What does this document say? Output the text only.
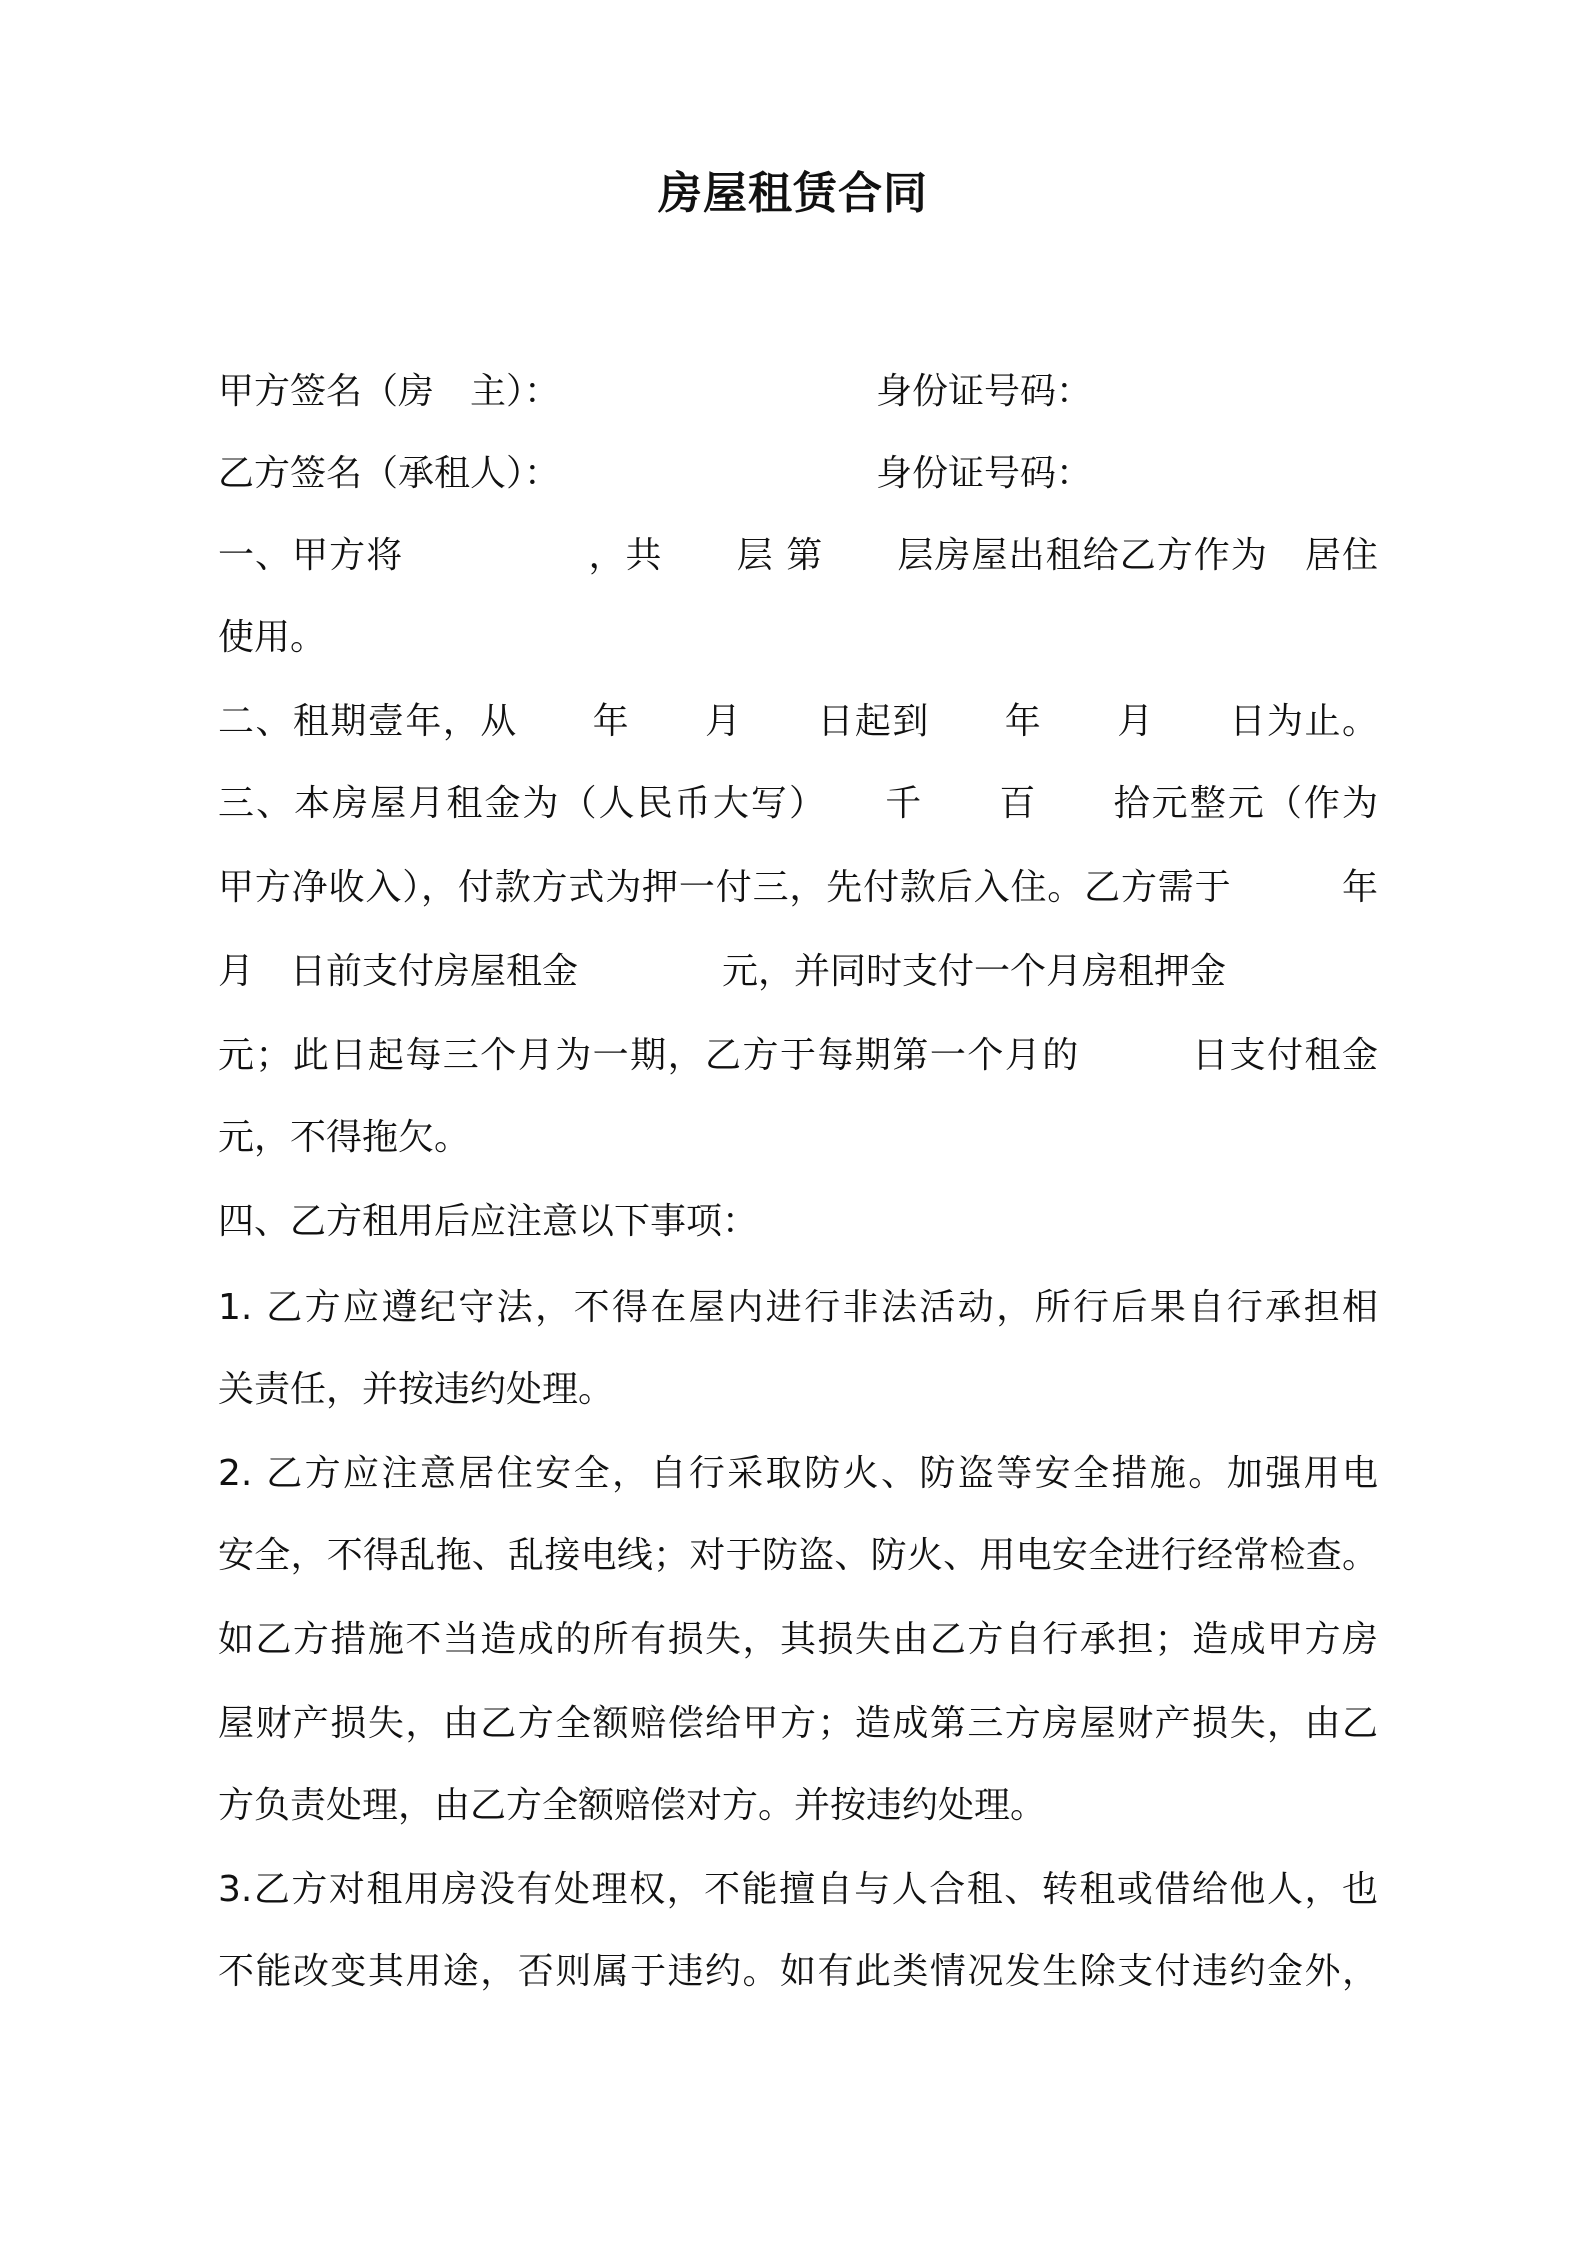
房屋租赁合同
甲方签名（房　主）：	身份证号码：
乙方签名（承租人）：	身份证号码：
一、甲方将　　　　　，共　　层 第　　层房屋出租给乙方作为　居住
使用。
二、租期壹年，从　　年　　月　　日起到　　年　　月　　日为止。
三、本房屋月租金为（人民币大写）　　千　　百　　拾元整元（作为
甲方净收入），付款方式为押一付三，先付款后入住。乙方需于　　　年
月　日前支付房屋租金　　　　元，并同时支付一个月房租押金
元；此日起每三个月为一期，乙方于每期第一个月的　　　日支付租金
元，不得拖欠。
四、乙方租用后应注意以下事项：
1. 乙方应遵纪守法，不得在屋内进行非法活动，所行后果自行承担相
关责任，并按违约处理。
2. 乙方应注意居住安全，自行采取防火、防盗等安全措施。加强用电
安全，不得乱拖、乱接电线；对于防盗、防火、用电安全进行经常检查。
如乙方措施不当造成的所有损失，其损失由乙方自行承担；造成甲方房
屋财产损失，由乙方全额赔偿给甲方；造成第三方房屋财产损失，由乙
方负责处理，由乙方全额赔偿对方。并按违约处理。
3.乙方对租用房没有处理权，不能擅自与人合租、转租或借给他人，也
不能改变其用途，否则属于违约。如有此类情况发生除支付违约金外，
